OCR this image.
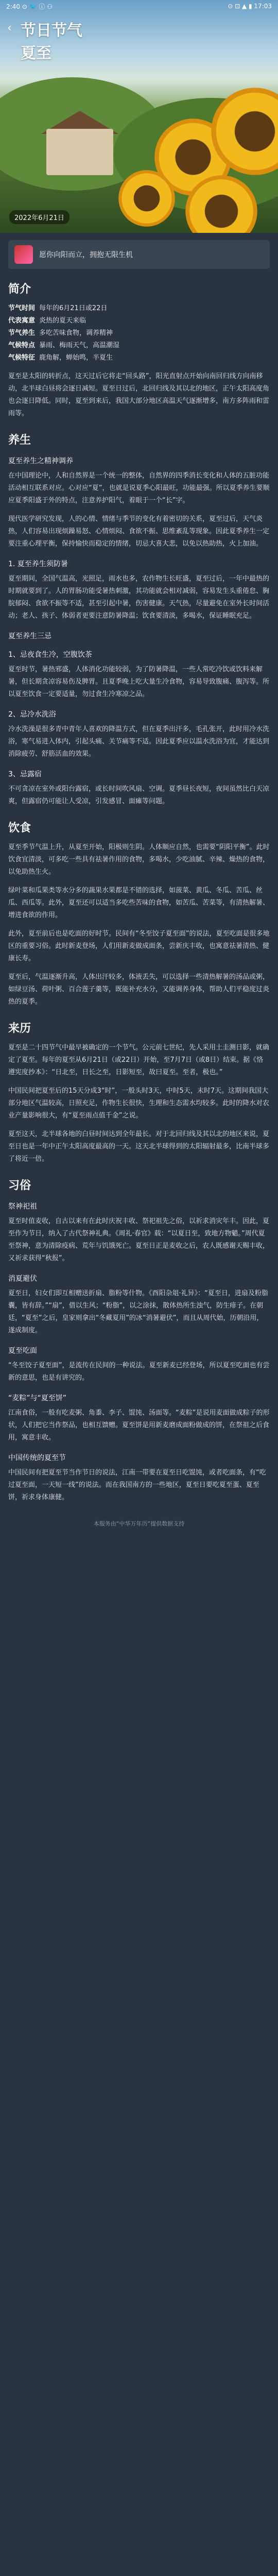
2:40 ⊙ 🐦 ⓘ ⚇	⊙ ⊡ ▲ ▮ 17:03
‹ 节日节气
夏至
2022年6月21日
愿你向阳而立，拥抱无限生机
简介
节气时间 每年的6月21日或22日
代表寓意 炎热的夏天来临
节气养生 多吃苦味食物，调养精神
气候特点 暴雨、梅雨天气，高温潮湿
气候特征 鹿角解，蝉始鸣，半夏生

夏至是太阳的转折点，这天过后它将走“回头路”，阳光直射点开始向南回归线方向南移动，北半球白昼将会逐日减短。夏至日过后，北回归线及其以北的地区，正午太阳高度角也会逐日降低。同时，夏至到来后，我国大部分地区高温天气逐渐增多，南方多阵雨和雷雨等。

养生
夏至养生之精神调养

在中国理论中，人和自然界是一个统一的整体，自然界的四季消长变化和人体的五脏功能活动相互联系对应。心对应“夏”，也就是说夏季心阳最旺，功能最强。所以夏季养生要顺应夏季阳盛于外的特点，注意养护阳气，着眼于一个“长”字。

现代医学研究发现，人的心情、情绪与季节的变化有着密切的关系，夏至过后，天气炎热，人们容易出现烦躁易怒、心情烦闷、食欲不振、思维紊乱等现象。因此夏季养生一定要注重心理平衡，保持愉快而稳定的情绪，切忌大喜大悲，以免以热助热，火上加油。

1. 夏至养生须防暑

夏至期间，全国气温高，光照足，雨水也多，农作物生长旺盛，夏至过后，一年中最热的时期就要到了。人的胃肠功能受暑热刺激，其功能就会相对减弱，容易发生头重倦怠、胸脘郁闷、食欲不振等不适，甚至引起中暑，伤害健康。天气热，尽量避免在室外长时间活动；老人、孩子、体弱者更要注意防暑降温；饮食要清淡，多喝水，保证睡眠充足。

夏至养生三忌
1、忌夜食生冷，空腹饮茶

夏至时节，暑热邪盛，人体消化功能较弱，为了防暑降温，一些人常吃冷饮或饮料来解暑，但长期贪凉容易伤及脾胃。且夏季晚上吃大量生冷食物，容易导致腹痛、腹泻等。所以夏至饮食一定要适量，勿过食生冷寒凉之品。

2、忌冷水洗浴

冷水洗澡是很多青中青年人喜欢的降温方式，但在夏季出汗多，毛孔张开，此时用冷水洗浴，寒气易进入体内，引起头痛、关节痛等不适。因此夏季应以温水洗浴为宜，才能达到消除疲劳、舒筋活血的效果。

3、忌露宿

不可贪凉在室外或阳台露宿，或长时间吹风扇、空调。夏季昼长夜短，夜间虽然比白天凉爽，但露宿仍可能让人受凉，引发感冒、面瘫等问题。

饮食

夏至季节气温上升，从夏至开始，阳极则生阴。人体顺应自然，也需要“阴阳平衡”。此时饮食宜清淡，可多吃一些具有祛暑作用的食物，多喝水，少吃油腻、辛辣、燥热的食物，以免助热生火。

绿叶菜和瓜果类等水分多的蔬果水果都是不错的选择，如菠菜、黄瓜、冬瓜、苦瓜、丝瓜、西瓜等。此外，夏至还可以适当多吃些苦味的食物，如苦瓜、苦菜等，有清热解暑、增进食欲的作用。

此外，夏至前后也是吃面的好时节。民间有“冬至饺子夏至面”的说法，夏至吃面是很多地区的重要习俗。此时新麦登场，人们用新麦做成面条，尝新庆丰收，也寓意祛暑清热、健康长寿。

夏至后，气温逐渐升高，人体出汗较多，体液丢失，可以选择一些清热解暑的汤品或粥，如绿豆汤、荷叶粥、百合莲子羹等，既能补充水分，又能调养身体，帮助人们平稳度过炎热的夏季。

来历

夏至是二十四节气中最早被确定的一个节气。公元前七世纪，先人采用土圭测日影，就确定了夏至。每年的夏至从6月21日（或22日）开始，至7月7日（或8日）结束。据《恪遵宪度抄本》：“日北至，日长之至，日影短至，故曰夏至。至者，极也。”

中国民间把夏至后的15天分成3“时”，一般头时3天，中时5天，末时7天。这期间我国大部分地区气温较高，日照充足，作物生长很快，生理和生态需水均较多。此时的降水对农业产量影响很大，有“夏至雨点值千金”之说。

夏至这天，北半球各地的白昼时间达到全年最长。对于北回归线及其以北的地区来说，夏至日也是一年中正午太阳高度最高的一天。这天北半球得到的太阳辐射最多，比南半球多了将近一倍。

习俗
祭神祀祖

夏至时值麦收，自古以来有在此时庆祝丰收、祭祀祖先之俗，以祈求消灾年丰。因此，夏至作为节日，纳入了古代祭神礼典。《周礼·春官》载：“以夏日至，致地方物魈。”周代夏至祭神，意为清除疫病、荒年与饥饿死亡。夏至日正是麦收之后，农人既感谢天赐丰收，又祈求获得“秋报”。

消夏避伏

夏至日，妇女们即互相赠送折扇、脂粉等什物。《酉阳杂俎·礼异》：“夏至日，进扇及粉脂囊，皆有辞。”“扇”，借以生风；“粉脂”，以之涂抹，散体热所生浊气，防生痱子。在朝廷，“夏至”之后，皇家则拿出“冬藏夏用”的冰“消暑避伏”，而且从周代始，历朝沿用，遂成制度。

夏至吃面

“冬至饺子夏至面”，是流传在民间的一种说法。夏至新麦已经登场，所以夏至吃面也有尝新的意思，也是有讲究的。

“麦粽”与“夏至饼”

江南食俗，一般有吃麦粥、角黍、李子、馄饨、汤面等。“麦粽”是说用麦面做成粽子的形状，人们把它当作祭品，也相互馈赠。夏至饼是用新麦磨成面粉做成的饼，在祭祖之后食用，寓意丰收。

中国传统的夏至节

中国民间有把夏至节当作节日的说法，江南一带要在夏至日吃馄饨，或者吃面条，有“吃过夏至面，一天短一线”的说法。而在我国南方的一些地区，夏至日要吃夏至蛋、夏至饼，祈求身体康健。

本服务由“中华万年历”提供数据支持
